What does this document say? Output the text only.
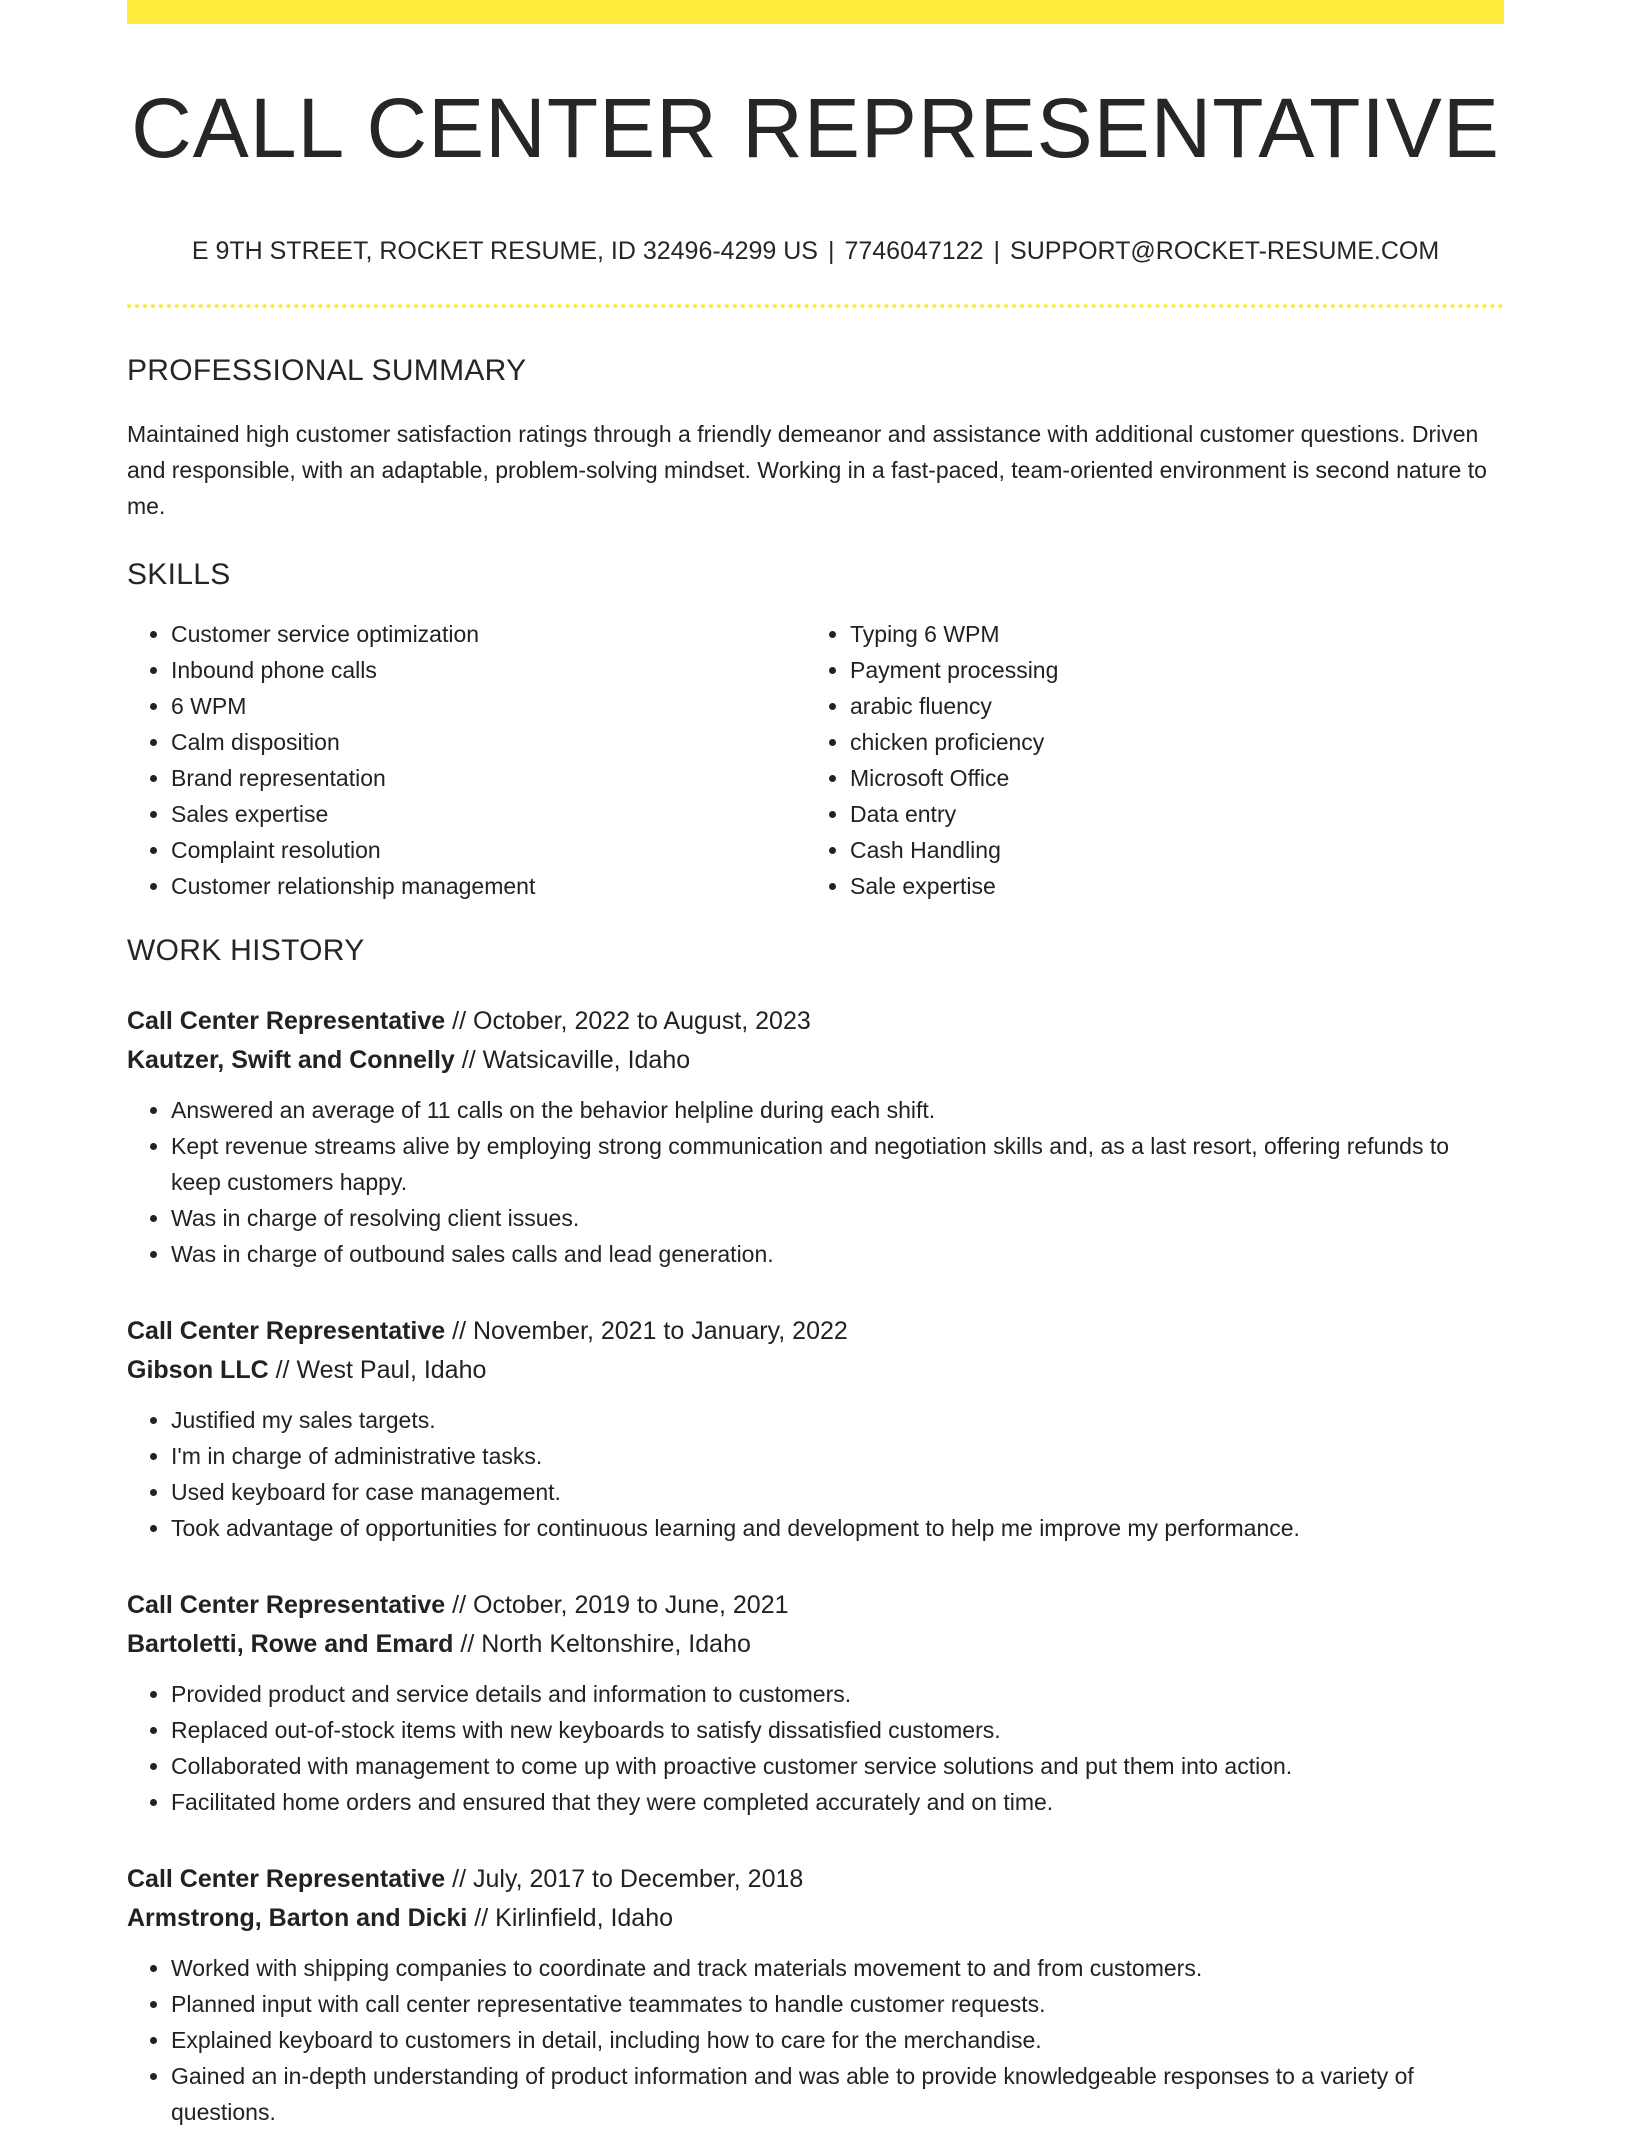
CALL CENTER REPRESENTATIVE
E 9TH STREET, ROCKET RESUME, ID 32496-4299 US | 7746047122 | SUPPORT@ROCKET-RESUME.COM
PROFESSIONAL SUMMARY
Maintained high customer satisfaction ratings through a friendly demeanor and assistance with additional customer questions. Driven and responsible, with an adaptable, problem-solving mindset. Working in a fast-paced, team-oriented environment is second nature to me.
SKILLS
• Customer service optimization
• Inbound phone calls
• 6 WPM
• Calm disposition
• Brand representation
• Sales expertise
• Complaint resolution
• Customer relationship management
• Typing 6 WPM
• Payment processing
• arabic fluency
• chicken proficiency
• Microsoft Office
• Data entry
• Cash Handling
• Sale expertise
WORK HISTORY
Call Center Representative // October, 2022 to August, 2023
Kautzer, Swift and Connelly // Watsicaville, Idaho
• Answered an average of 11 calls on the behavior helpline during each shift.
• Kept revenue streams alive by employing strong communication and negotiation skills and, as a last resort, offering refunds to keep customers happy.
• Was in charge of resolving client issues.
• Was in charge of outbound sales calls and lead generation.
Call Center Representative // November, 2021 to January, 2022
Gibson LLC // West Paul, Idaho
• Justified my sales targets.
• I'm in charge of administrative tasks.
• Used keyboard for case management.
• Took advantage of opportunities for continuous learning and development to help me improve my performance.
Call Center Representative // October, 2019 to June, 2021
Bartoletti, Rowe and Emard // North Keltonshire, Idaho
• Provided product and service details and information to customers.
• Replaced out-of-stock items with new keyboards to satisfy dissatisfied customers.
• Collaborated with management to come up with proactive customer service solutions and put them into action.
• Facilitated home orders and ensured that they were completed accurately and on time.
Call Center Representative // July, 2017 to December, 2018
Armstrong, Barton and Dicki // Kirlinfield, Idaho
• Worked with shipping companies to coordinate and track materials movement to and from customers.
• Planned input with call center representative teammates to handle customer requests.
• Explained keyboard to customers in detail, including how to care for the merchandise.
• Gained an in-depth understanding of product information and was able to provide knowledgeable responses to a variety of questions.
